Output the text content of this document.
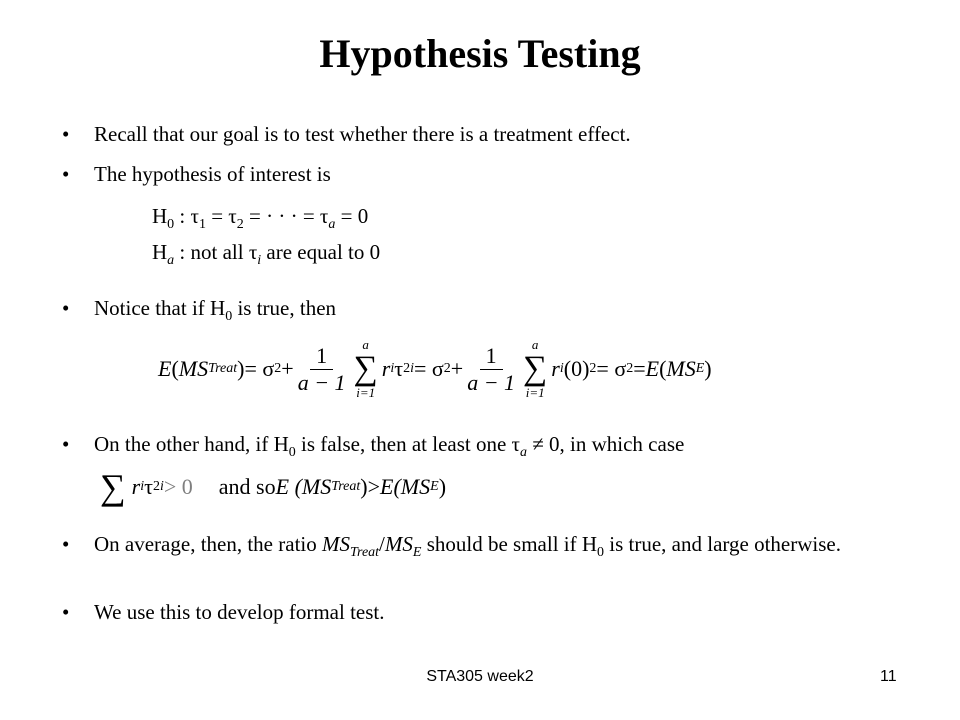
Hypothesis Testing
• Recall that our goal is to test whether there is a treatment effect.
• The hypothesis of interest is
$H_0$ : $\tau_1 = \tau_2$ = · · · = $\tau_a = 0$
$H_a$ : not all $\tau_i$ are equal to 0
• Notice that if $H_0$ is true, then
E ( MS Treat ) = σ $2 + \frac{1}{a - 1}$ a
∑
i=1
r i τ 2 i = σ $2 + \frac{1}{a - 1}$ a
∑
i=1
r i (0) 2 = σ 2 = E ( MS E )
• On the other hand, if $H_0$ is false, then at least one $\tau_a \ne 0$, in which case
∑ r i τ 2 i > 0 and so E
(MS Treat ) > E (MS E )
• On average, then, the ratio $MS_{Treat}/MS_E$ should be small if $H_0$ is true, and large otherwise.
• We use this to develop formal test.
STA305 week2	11
